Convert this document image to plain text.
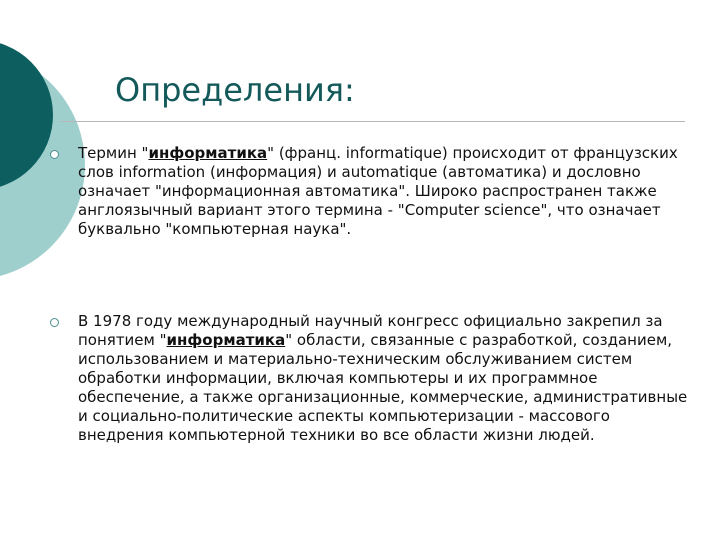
Определения:
Термин "информатика" (франц. informatique) происходит от французских слов information (информация) и automatique (автоматика) и дословно означает "информационная автоматика". Широко распространен также англоязычный вариант этого термина - "Computer science", что означает буквально "компьютерная наука".
В 1978 году международный научный конгресс официально закрепил за понятием "информатика" области, связанные с разработкой, созданием, использованием и материально-техническим обслуживанием систем обработки информации, включая компьютеры и их программное обеспечение, а также организационные, коммерческие, административные и социально-политические аспекты компьютеризации - массового внедрения компьютерной техники во все области жизни людей.
